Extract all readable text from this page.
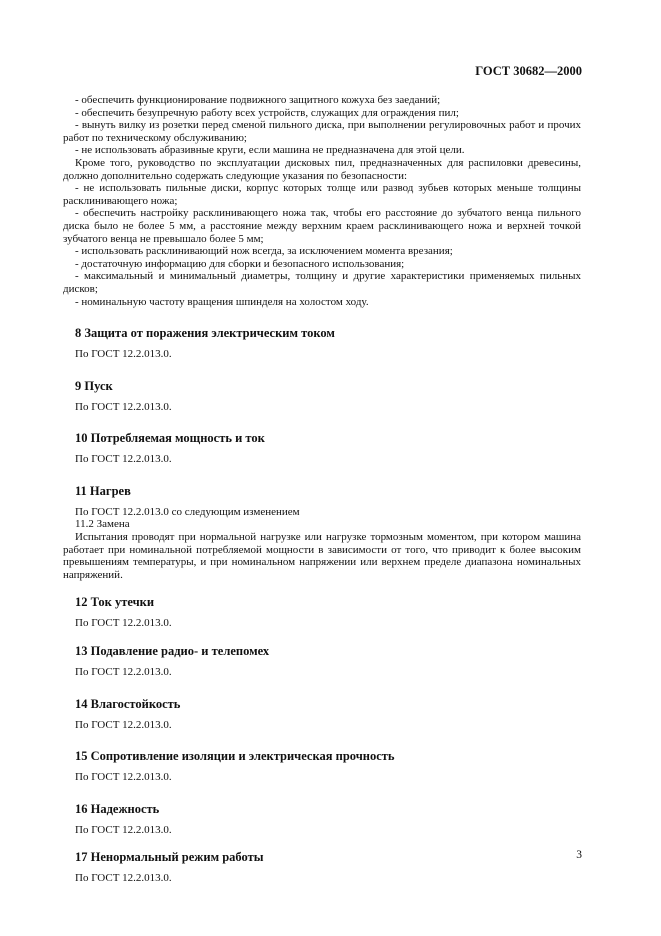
ГОСТ 30682—2000

- обеспечить функционирование подвижного защитного кожуха без заеданий;

- обеспечить безупречную работу всех устройств, служащих для ограждения пил;

- вынуть вилку из розетки перед сменой пильного диска, при выполнении регулировочных работ и прочих работ по техническому обслуживанию;

- не использовать абразивные круги, если машина не предназначена для этой цели.

Кроме того, руководство по эксплуатации дисковых пил, предназначенных для распиловки древесины, должно дополнительно содержать следующие указания по безопасности:

- не использовать пильные диски, корпус которых толще или развод зубьев которых меньше толщины расклинивающего ножа;

- обеспечить настройку расклинивающего ножа так, чтобы его расстояние до зубчатого венца пильного диска было не более 5 мм, а расстояние между верхним краем расклинивающего ножа и верхней точкой зубчатого венца не превышало более 5 мм;

- использовать расклинивающий нож всегда, за исключением момента врезания;

- достаточную информацию для сборки и безопасного использования;

- максимальный и минимальный диаметры, толщину и другие характеристики применяемых пильных дисков;

- номинальную частоту вращения шпинделя на холостом ходу.

8 Защита от поражения электрическим током

По ГОСТ 12.2.013.0.

9 Пуск

По ГОСТ 12.2.013.0.

10 Потребляемая мощность и ток

По ГОСТ 12.2.013.0.

11 Нагрев

По ГОСТ 12.2.013.0 со следующим изменением

11.2 Замена

Испытания проводят при нормальной нагрузке или нагрузке тормозным моментом, при котором машина работает при номинальной потребляемой мощности в зависимости от того, что приводит к более высоким превышениям температуры, и при номинальном напряжении или верхнем пределе диапазона номинальных напряжений.

12 Ток утечки

По ГОСТ 12.2.013.0.

13 Подавление радио- и телепомех

По ГОСТ 12.2.013.0.

14 Влагостойкость

По ГОСТ 12.2.013.0.

15 Сопротивление изоляции и электрическая прочность

По ГОСТ 12.2.013.0.

16 Надежность

По ГОСТ 12.2.013.0.

17 Ненормальный режим работы

По ГОСТ 12.2.013.0.

3
